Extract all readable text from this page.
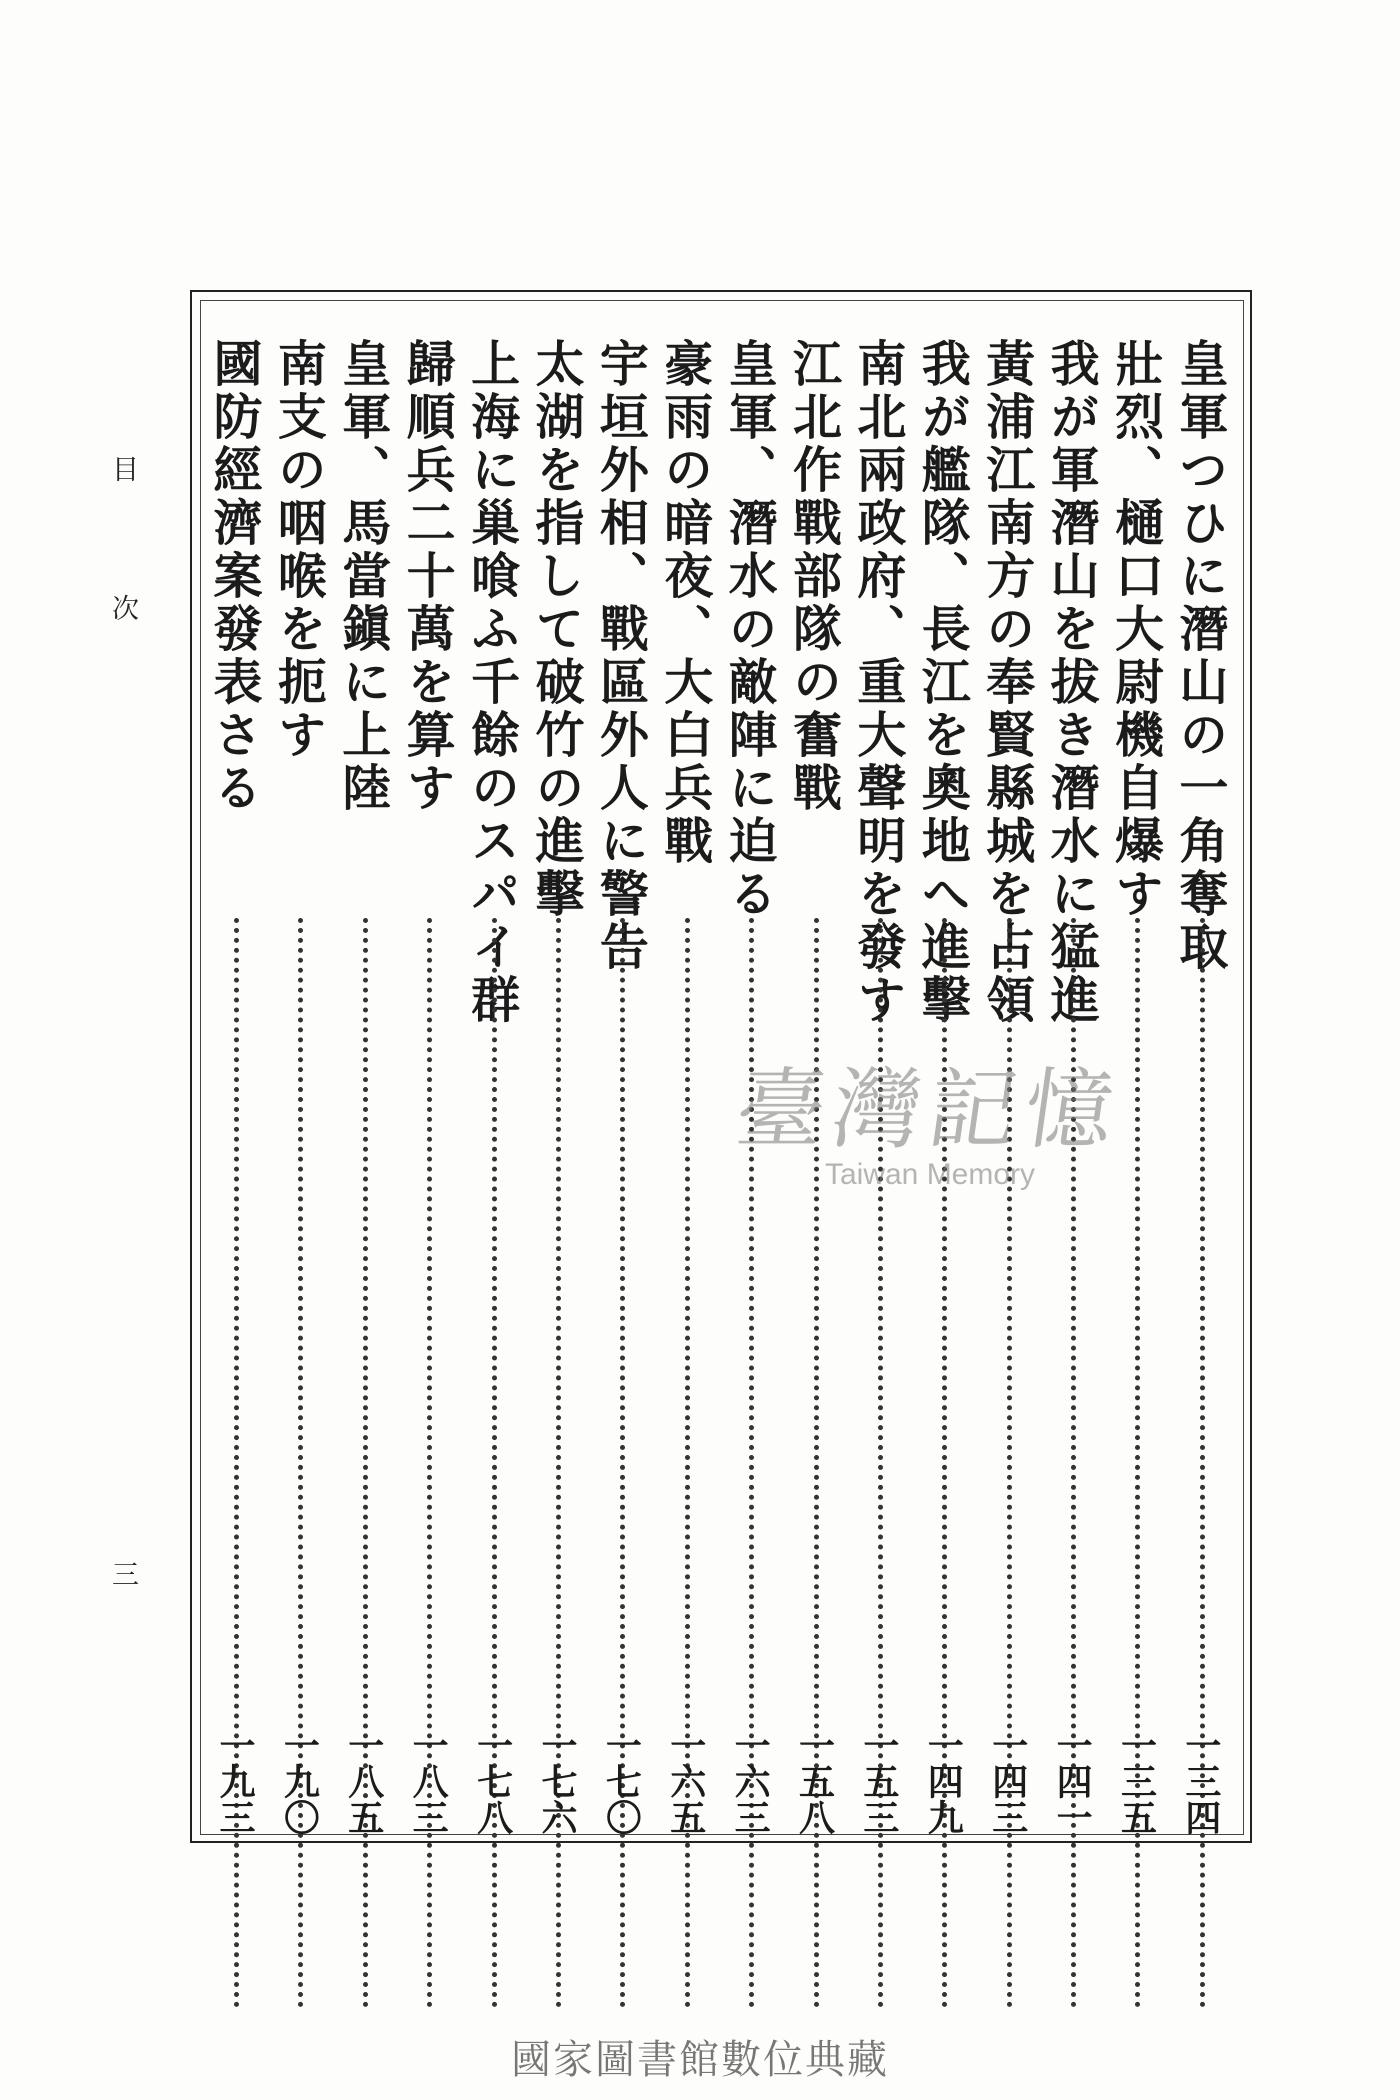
目次
三
皇軍つひに潛山の一角奪取
一三四
壯烈、樋口大尉機自爆す
一三五
我が軍潛山を拔き潛水に猛進
一四一
黃浦江南方の奉賢縣城を占領
一四三
我が艦隊、長江を奧地へ進擊
一四九
南北兩政府、重大聲明を發す
一五三
江北作戰部隊の奮戰
一五八
皇軍、潛水の敵陣に迫る
一六三
豪雨の暗夜、大白兵戰
一六五
宇垣外相、戰區外人に警告
一七〇
太湖を指して破竹の進擊
一七六
上海に巢喰ふ千餘のスパイ群
一七八
歸順兵二十萬を算す
一八三
皇軍、馬當鎭に上陸
一八五
南支の咽喉を扼す
一九〇
國防經濟案發表さる
一九三
臺灣記憶
Taiwan Memory
國家圖書館數位典藏
